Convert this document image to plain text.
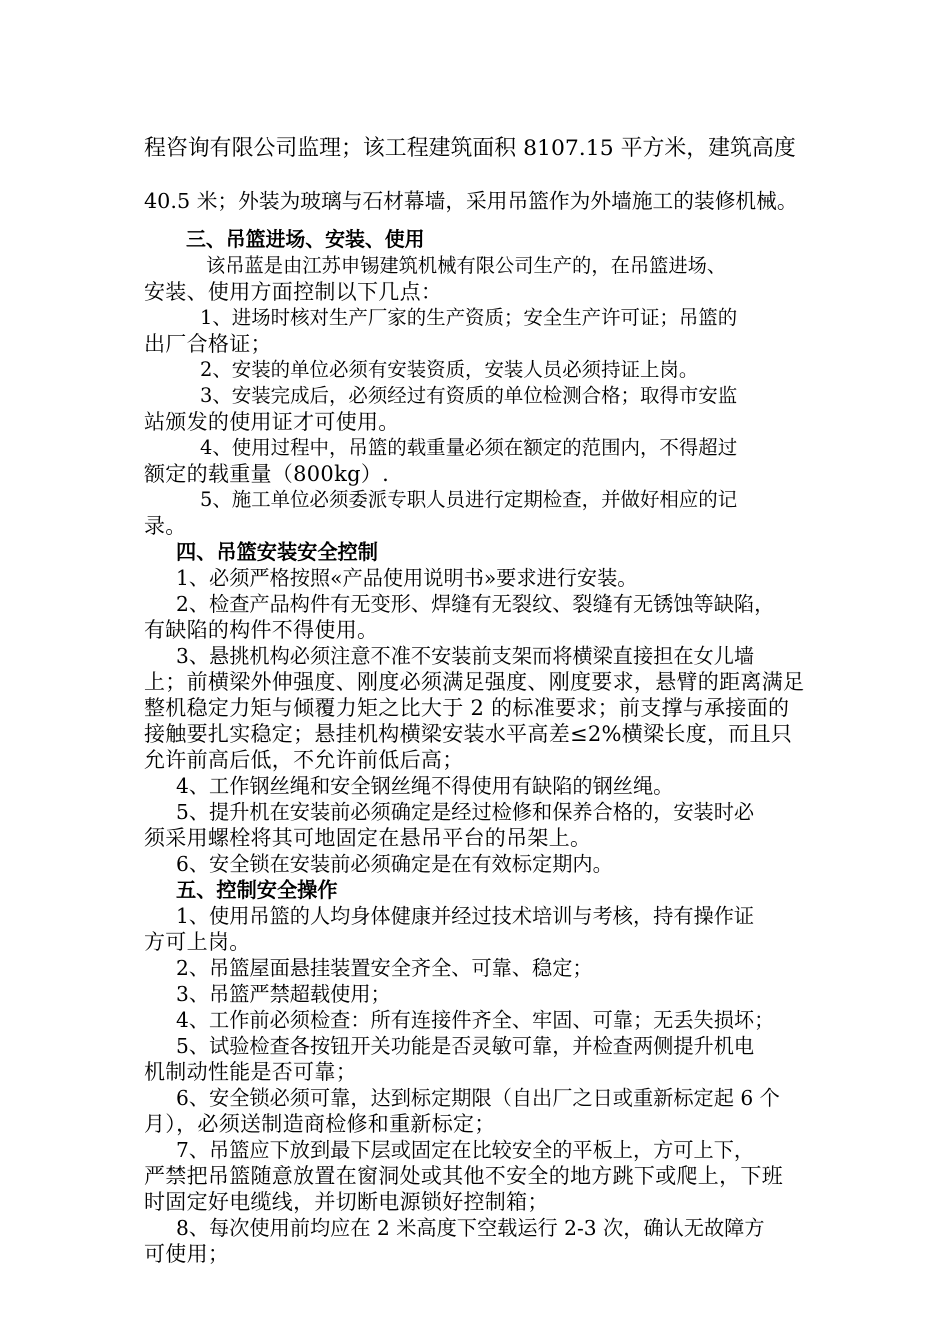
程咨询有限公司监理；该工程建筑面积 8107.15 平方米，建筑高度
40.5 米；外装为玻璃与石材幕墙，采用吊篮作为外墙施工的装修机械。
三、吊篮进场、安装、使用
该吊蓝是由江苏申锡建筑机械有限公司生产的，在吊篮进场、
安装、使用方面控制以下几点：
1、进场时核对生产厂家的生产资质；安全生产许可证；吊篮的
出厂合格证；
2、安装的单位必须有安装资质，安装人员必须持证上岗。
3、安装完成后，必须经过有资质的单位检测合格；取得市安监
站颁发的使用证才可使用。
4、使用过程中，吊篮的载重量必须在额定的范围内，不得超过
额定的载重量（800kg）.
5、施工单位必须委派专职人员进行定期检查，并做好相应的记
录。
四、吊篮安装安全控制
1、必须严格按照«产品使用说明书»要求进行安装。
2、检查产品构件有无变形、焊缝有无裂纹、裂缝有无锈蚀等缺陷，
有缺陷的构件不得使用。
3、悬挑机构必须注意不准不安装前支架而将横梁直接担在女儿墙
上；前横梁外伸强度、刚度必须满足强度、刚度要求，悬臂的距离满足
整机稳定力矩与倾覆力矩之比大于 2 的标准要求；前支撑与承接面的
接触要扎实稳定；悬挂机构横梁安装水平高差≤2%横梁长度，而且只
允许前高后低，不允许前低后高；
4、工作钢丝绳和安全钢丝绳不得使用有缺陷的钢丝绳。
5、提升机在安装前必须确定是经过检修和保养合格的，安装时必
须采用螺栓将其可地固定在悬吊平台的吊架上。
6、安全锁在安装前必须确定是在有效标定期内。
五、控制安全操作
1、使用吊篮的人均身体健康并经过技术培训与考核，持有操作证
方可上岗。
2、吊篮屋面悬挂装置安全齐全、可靠、稳定；
3、吊篮严禁超载使用；
4、工作前必须检查：所有连接件齐全、牢固、可靠；无丢失损坏；
5、试验检查各按钮开关功能是否灵敏可靠，并检查两侧提升机电
机制动性能是否可靠；
6、安全锁必须可靠，达到标定期限（自出厂之日或重新标定起 6 个
月），必须送制造商检修和重新标定；
7、吊篮应下放到最下层或固定在比较安全的平板上，方可上下，
严禁把吊篮随意放置在窗洞处或其他不安全的地方跳下或爬上，下班
时固定好电缆线，并切断电源锁好控制箱；
8、每次使用前均应在 2 米高度下空载运行 2-3 次，确认无故障方
可使用；
